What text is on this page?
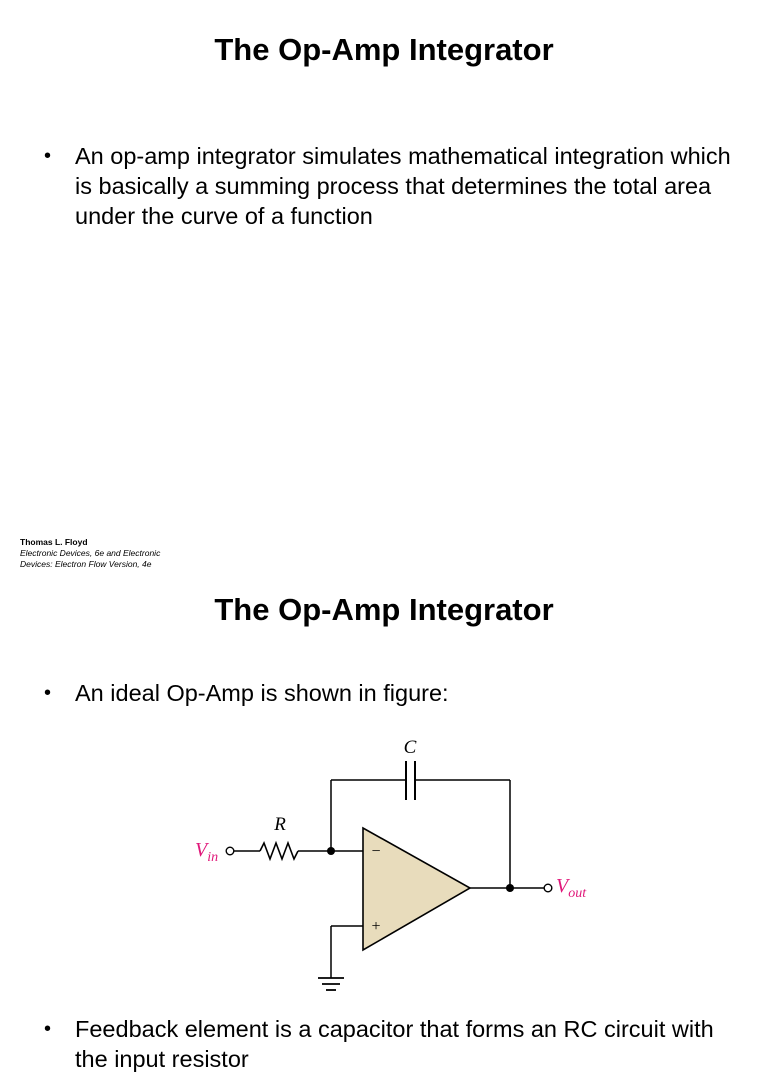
The Op-Amp Integrator
•	An op-amp integrator simulates mathematical integration which is basically a summing process that determines the total area under the curve of a function
Thomas L. Floyd
Electronic Devices, 6e and Electronic Devices: Electron Flow Version, 4e
The Op-Amp Integrator
•	An ideal Op-Amp is shown in figure:
C
R
$V_{in}$	−
+
$V_{out}$
•	Feedback element is a capacitor that forms an RC circuit with the input resistor
